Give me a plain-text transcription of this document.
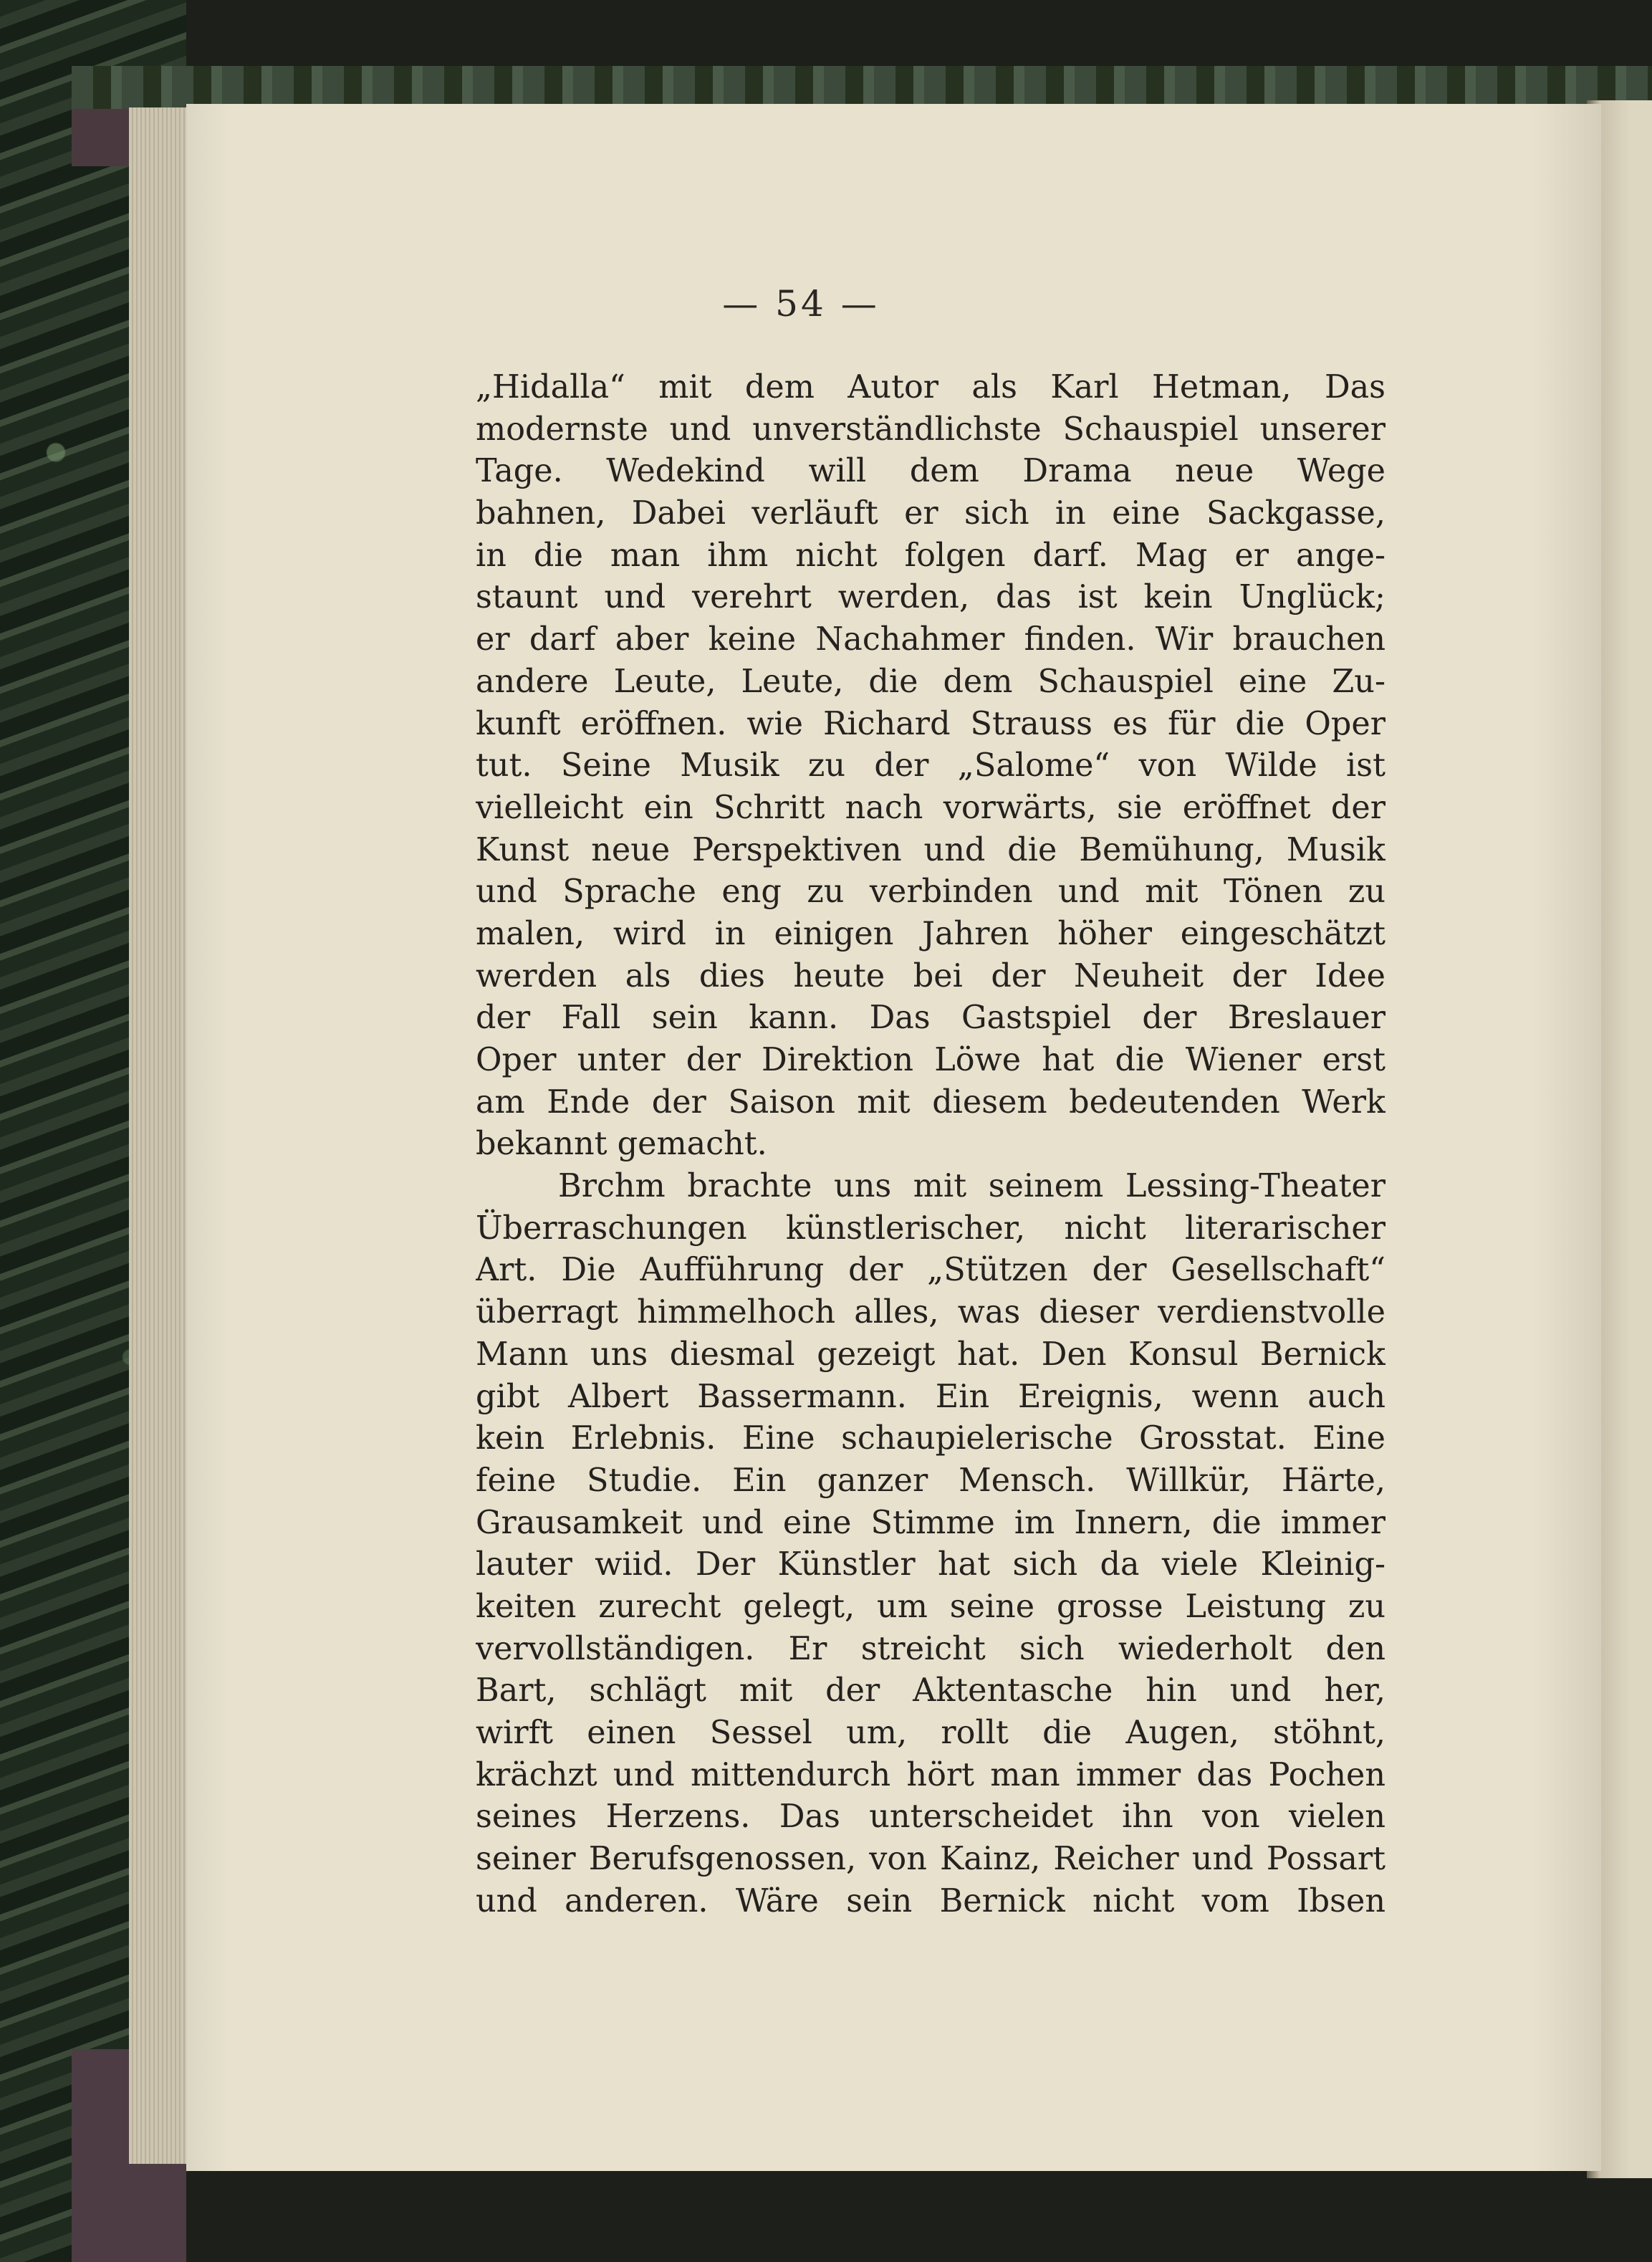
— 54 —
„Hidalla“ mit dem Autor als Karl Hetman, Das
modernste und unverständlichste Schauspiel unserer
Tage. Wedekind will dem Drama neue Wege
bahnen, Dabei verläuft er sich in eine Sackgasse,
in die man ihm nicht folgen darf. Mag er ange-
staunt und verehrt werden, das ist kein Unglück;
er darf aber keine Nachahmer finden. Wir brauchen
andere Leute, Leute, die dem Schauspiel eine Zu-
kunft eröffnen. wie Richard Strauss es für die Oper
tut. Seine Musik zu der „Salome“ von Wilde ist
vielleicht ein Schritt nach vorwärts, sie eröffnet der
Kunst neue Perspektiven und die Bemühung, Musik
und Sprache eng zu verbinden und mit Tönen zu
malen, wird in einigen Jahren höher eingeschätzt
werden als dies heute bei der Neuheit der Idee
der Fall sein kann. Das Gastspiel der Breslauer
Oper unter der Direktion Löwe hat die Wiener erst
am Ende der Saison mit diesem bedeutenden Werk
bekannt gemacht.
Brchm brachte uns mit seinem Lessing-Theater
Überraschungen künstlerischer, nicht literarischer
Art. Die Aufführung der „Stützen der Gesellschaft“
überragt himmelhoch alles, was dieser verdienstvolle
Mann uns diesmal gezeigt hat. Den Konsul Bernick
gibt Albert Bassermann. Ein Ereignis, wenn auch
kein Erlebnis. Eine schaupielerische Grosstat. Eine
feine Studie. Ein ganzer Mensch. Willkür, Härte,
Grausamkeit und eine Stimme im Innern, die immer
lauter wiid. Der Künstler hat sich da viele Kleinig-
keiten zurecht gelegt, um seine grosse Leistung zu
vervollständigen. Er streicht sich wiederholt den
Bart, schlägt mit der Aktentasche hin und her,
wirft einen Sessel um, rollt die Augen, stöhnt,
krächzt und mittendurch hört man immer das Pochen
seines Herzens. Das unterscheidet ihn von vielen
seiner Berufsgenossen, von Kainz, Reicher und Possart
und anderen. Wäre sein Bernick nicht vom Ibsen
